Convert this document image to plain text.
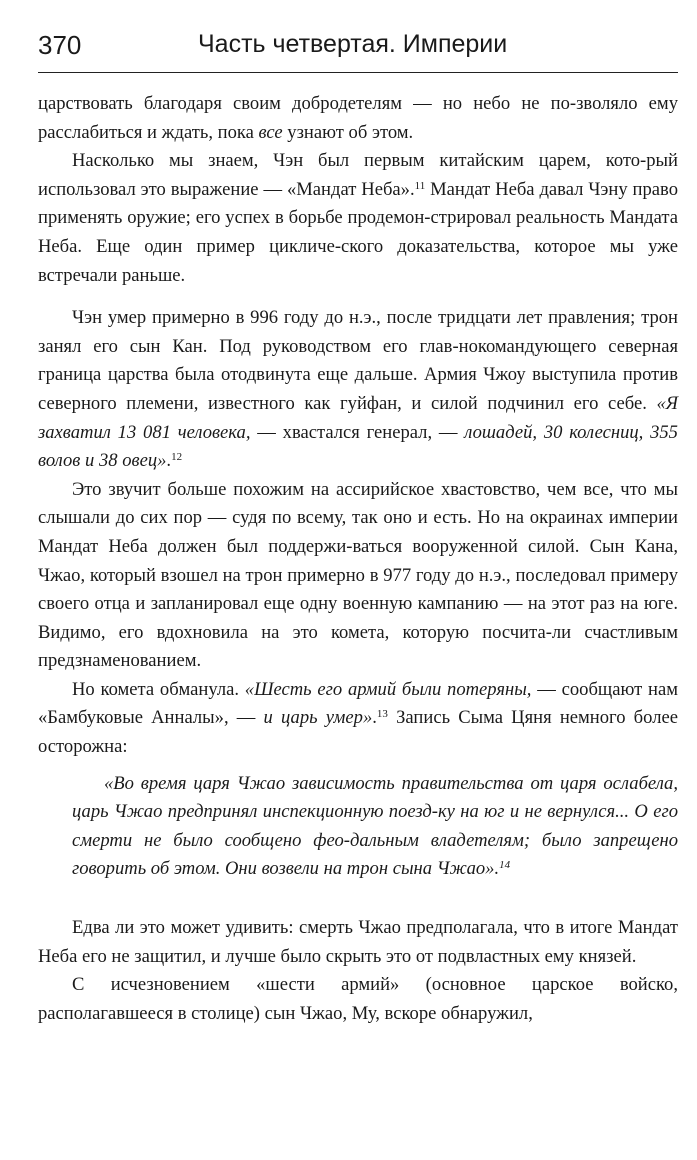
370	Часть четвертая. Империи

царствовать благодаря своим добродетелям — но небо не по-зволяло ему расслабиться и ждать, пока все узнают об этом.

Насколько мы знаем, Чэн был первым китайским царем, кото-рый использовал это выражение — «Мандат Неба».$^{11}$ Мандат Неба давал Чэну право применять оружие; его успех в борьбе продемон-стрировал реальность Мандата Неба. Еще один пример цикличе-ского доказательства, которое мы уже встречали раньше.

Чэн умер примерно в 996 году до н.э., после тридцати лет правления; трон занял его сын Кан. Под руководством его глав-нокомандующего северная граница царства была отодвинута еще дальше. Армия Чжоу выступила против северного племени, известного как гуйфан, и силой подчинил его себе. «Я захватил 13 081 человека, — хвастался генерал, — лошадей, 30 колесниц, 355 волов и 38 овец».$^{12}$

Это звучит больше похожим на ассирийское хвастовство, чем все, что мы слышали до сих пор — судя по всему, так оно и есть. Но на окраинах империи Мандат Неба должен был поддержи-ваться вооруженной силой. Сын Кана, Чжао, который взошел на трон примерно в 977 году до н.э., последовал примеру своего отца и запланировал еще одну военную кампанию — на этот раз на юге. Видимо, его вдохновила на это комета, которую посчита-ли счастливым предзнаменованием.

Но комета обманула. «Шесть его армий были потеряны, — сообщают нам «Бамбуковые Анналы», — и царь умер».$^{13}$ Запись Сыма Цяня немного более осторожна:

«Во время царя Чжао зависимость правительства от царя ослабела, царь Чжао предпринял инспекционную поезд-ку на юг и не вернулся... О его смерти не было сообщено фео-дальным владетелям; было запрещено говорить об этом. Они возвели на трон сына Чжао».$^{14}$

Едва ли это может удивить: смерть Чжао предполагала, что в итоге Мандат Неба его не защитил, и лучше было скрыть это от подвластных ему князей.

С исчезновением «шести армий» (основное царское войско, располагавшееся в столице) сын Чжао, Му, вскоре обнаружил,
